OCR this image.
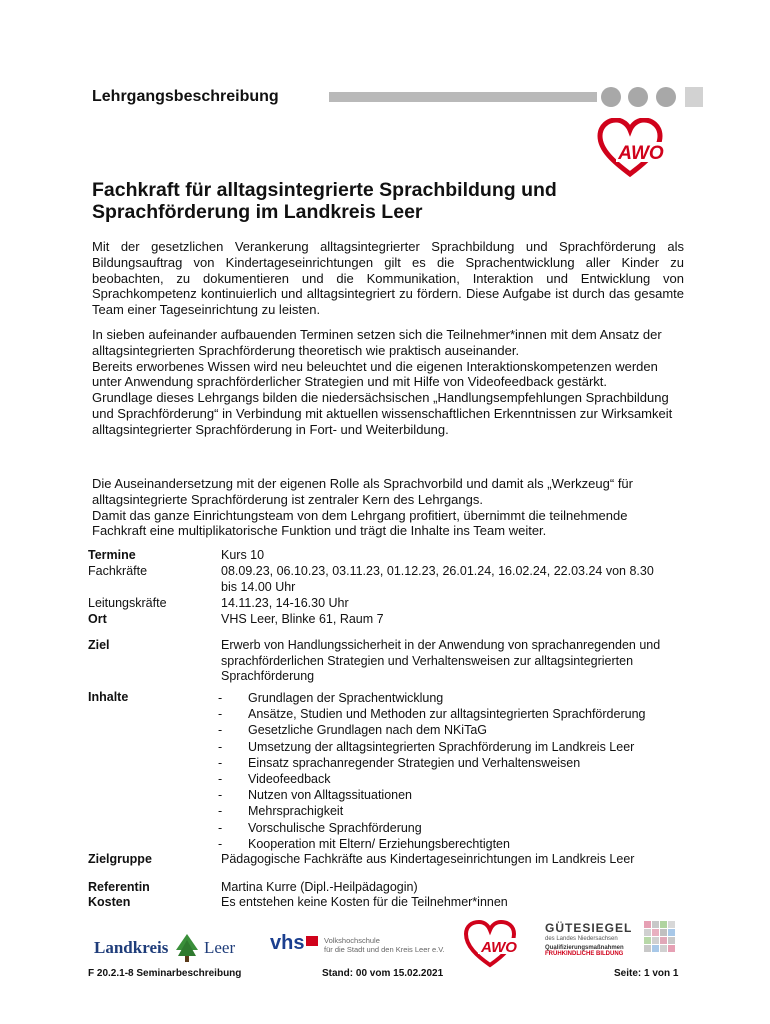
Lehrgangsbeschreibung
AWO
Fachkraft für alltagsintegrierte Sprachbildung und
Sprachförderung im Landkreis Leer
Mit der gesetzlichen Verankerung alltagsintegrierter Sprachbildung und Sprachförderung als Bildungsauftrag von Kindertageseinrichtungen gilt es die Sprachentwicklung aller Kinder zu beobachten, zu dokumentieren und die Kommunikation, Interaktion und Entwicklung von Sprachkompetenz kontinuierlich und alltagsintegriert zu fördern. Diese Aufgabe ist durch das gesamte Team einer Tageseinrichtung zu leisten.
In sieben aufeinander aufbauenden Terminen setzen sich die Teilnehmer*innen mit dem Ansatz der alltagsintegrierten Sprachförderung theoretisch wie praktisch auseinander.
Bereits erworbenes Wissen wird neu beleuchtet und die eigenen Interaktionskompetenzen werden unter Anwendung sprachförderlicher Strategien und mit Hilfe von Videofeedback gestärkt.
Grundlage dieses Lehrgangs bilden die niedersächsischen „Handlungsempfehlungen Sprachbildung und Sprachförderung“ in Verbindung mit aktuellen wissenschaftlichen Erkenntnissen zur Wirksamkeit alltagsintegrierter Sprachförderung in Fort- und Weiterbildung.
Die Auseinandersetzung mit der eigenen Rolle als Sprachvorbild und damit als „Werkzeug“ für alltagsintegrierte Sprachförderung ist zentraler Kern des Lehrgangs.
Damit das ganze Einrichtungsteam von dem Lehrgang profitiert, übernimmt die teilnehmende Fachkraft eine multiplikatorische Funktion und trägt die Inhalte ins Team weiter.
Termine	Kurs 10
Fachkräfte	08.09.23, 06.10.23, 03.11.23, 01.12.23, 26.01.24, 16.02.24, 22.03.24 von 8.30
bis 14.00 Uhr
Leitungskräfte	14.11.23, 14-16.30 Uhr
Ort	VHS Leer, Blinke 61, Raum 7
Ziel	Erwerb von Handlungssicherheit in der Anwendung von sprachanregenden und sprachförderlichen Strategien und Verhaltensweisen zur alltagsintegrierten Sprachförderung
Inhalte
-	Grundlagen der Sprachentwicklung
- Ansätze, Studien und Methoden zur alltagsintegrierten Sprachförderung
- Gesetzliche Grundlagen nach dem NKiTaG
- Umsetzung der alltagsintegrierten Sprachförderung im Landkreis Leer
- Einsatz sprachanregender Strategien und Verhaltensweisen
- Videofeedback
- Nutzen von Alltagssituationen
- Mehrsprachigkeit
- Vorschulische Sprachförderung
- Kooperation mit Eltern/ Erziehungsberechtigten
Zielgruppe	Pädagogische Fachkräfte aus Kindertageseinrichtungen im Landkreis Leer
Referentin	Martina Kurre (Dipl.-Heilpädagogin)
Kosten	Es entstehen keine Kosten für die Teilnehmer*innen
Landkreis Leer vhs	Volkshochschule
für die Stadt und den Kreis Leer e.V. AWO
GÜTESIEGEL
des Landes Niedersachsen
Qualifizierungsmaßnahmen
FRÜHKINDLICHE BILDUNG
F 20.2.1-8 Seminarbeschreibung	Stand: 00 vom 15.02.2021	Seite: 1 von 1
